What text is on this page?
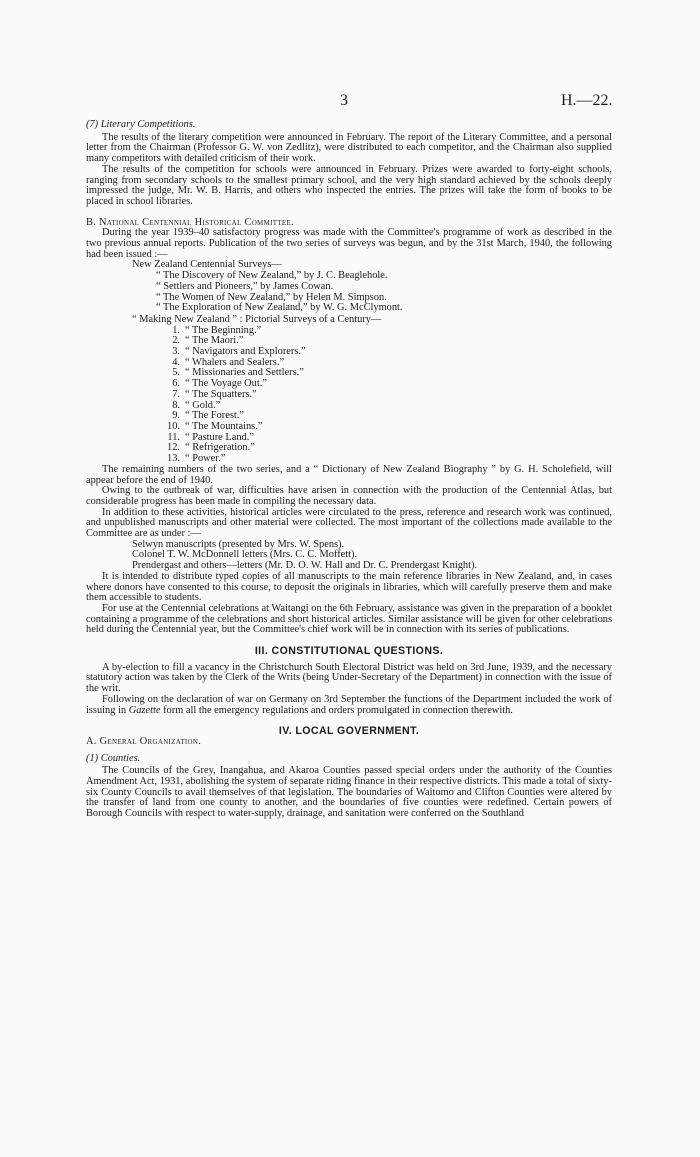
3	H.—22.

(7) Literary Competitions.

The results of the literary competition were announced in February. The report of the Literary Committee, and a personal letter from the Chairman (Professor G. W. von Zedlitz), were distributed to each competitor, and the Chairman also supplied many competitors with detailed criticism of their work.

The results of the competition for schools were announced in February. Prizes were awarded to forty-eight schools, ranging from secondary schools to the smallest primary school, and the very high standard achieved by the schools deeply impressed the judge, Mr. W. B. Harris, and others who inspected the entries. The prizes will take the form of books to be placed in school libraries.

B. National Centennial Historical Committee.

During the year 1939–40 satisfactory progress was made with the Committee's programme of work as described in the two previous annual reports. Publication of the two series of surveys was begun, and by the 31st March, 1940, the following had been issued :—

New Zealand Centennial Surveys—
“ The Discovery of New Zealand,” by J. C. Beaglehole.
“ Settlers and Pioneers,” by James Cowan.
“ The Women of New Zealand,” by Helen M. Simpson.
“ The Exploration of New Zealand,” by W. G. McClymont.
“ Making New Zealand ” : Pictorial Surveys of a Century—
1. “ The Beginning.”
2. “ The Maori.”
3. “ Navigators and Explorers.”
4. “ Whalers and Sealers.”
5. “ Missionaries and Settlers.”
6. “ The Voyage Out.”
7. “ The Squatters.”
8. “ Gold.”
9. “ The Forest.”
10. “ The Mountains.”
11. “ Pasture Land.”
12. “ Refrigeration.”
13. “ Power.”

The remaining numbers of the two series, and a “ Dictionary of New Zealand Biography ” by G. H. Scholefield, will appear before the end of 1940.

Owing to the outbreak of war, difficulties have arisen in connection with the production of the Centennial Atlas, but considerable progress has been made in compiling the necessary data.

In addition to these activities, historical articles were circulated to the press, reference and research work was continued, and unpublished manuscripts and other material were collected. The most important of the collections made available to the Committee are as under :—

Selwyn manuscripts (presented by Mrs. W. Spens).
Colonel T. W. McDonnell letters (Mrs. C. C. Moffett).
Prendergast and others—letters (Mr. D. O. W. Hall and Dr. C. Prendergast Knight).

It is intended to distribute typed copies of all manuscripts to the main reference libraries in New Zealand, and, in cases where donors have consented to this course, to deposit the originals in libraries, which will carefully preserve them and make them accessible to students.

For use at the Centennial celebrations at Waitangi on the 6th February, assistance was given in the preparation of a booklet containing a programme of the celebrations and short historical articles. Similar assistance will be given for other celebrations held during the Centennial year, but the Committee's chief work will be in connection with its series of publications.

III. CONSTITUTIONAL QUESTIONS.

A by-election to fill a vacancy in the Christchurch South Electoral District was held on 3rd June, 1939, and the necessary statutory action was taken by the Clerk of the Writs (being Under-Secretary of the Department) in connection with the issue of the writ.

Following on the declaration of war on Germany on 3rd September the functions of the Department included the work of issuing in Gazette form all the emergency regulations and orders promulgated in connection therewith.

IV. LOCAL GOVERNMENT.

A. General Organization.

(1) Counties.

The Councils of the Grey, Inangahua, and Akaroa Counties passed special orders under the authority of the Counties Amendment Act, 1931, abolishing the system of separate riding finance in their respective districts. This made a total of sixty-six County Councils to avail themselves of that legislation. The boundaries of Waitomo and Clifton Counties were altered by the transfer of land from one county to another, and the boundaries of five counties were redefined. Certain powers of Borough Councils with respect to water-supply, drainage, and sanitation were conferred on the Southland
